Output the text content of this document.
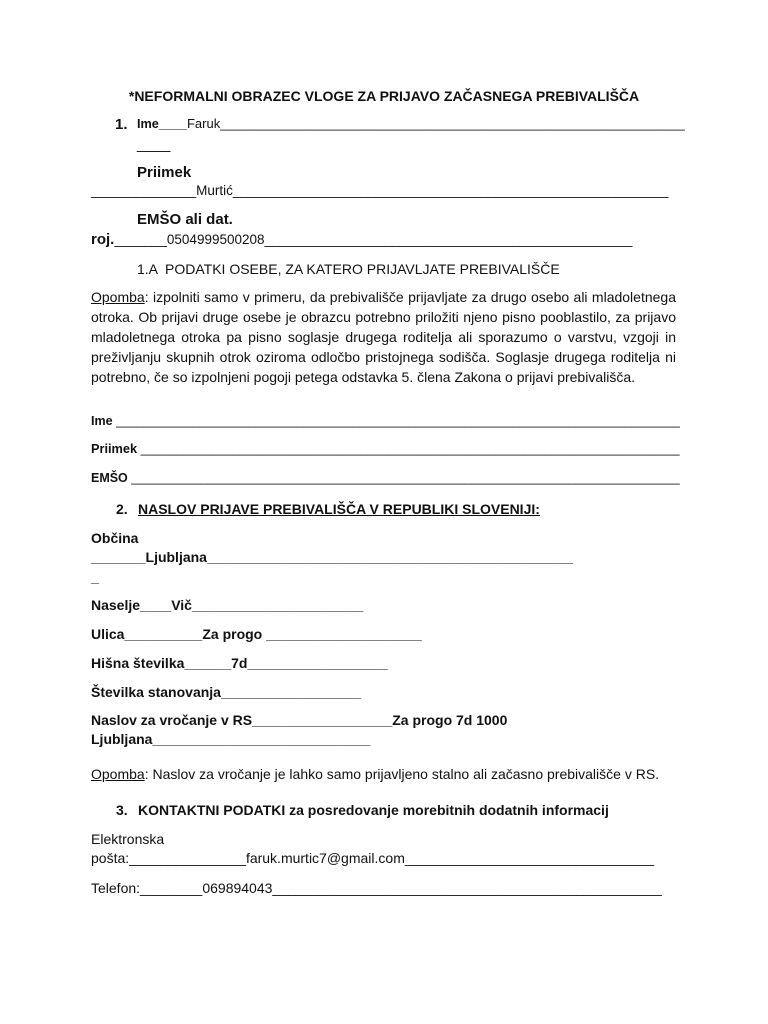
*NEFORMALNI OBRAZEC VLOGE ZA PRIJAVO ZAČASNEGA PREBIVALIŠČA
1. Ime____Faruk__________________________________________________________________
____
Priimek
______________Murtić__________________________________________________________
EMŠO ali dat.
roj._______0504999500208_________________________________________________
1.A  PODATKI OSEBE, ZA KATERO PRIJAVLJATE PREBIVALIŠČE
Opomba: izpolniti samo v primeru, da prebivališče prijavljate za drugo osebo ali mladoletnega otroka. Ob prijavi druge osebe je obrazcu potrebno priložiti njeno pisno pooblastilo, za prijavo mladoletnega otroka pa pisno soglasje drugega roditelja ali sporazumo o varstvu, vzgoji in preživljanju skupnih otrok oziroma odločbo pristojnega sodišča. Soglasje drugega roditelja ni potrebno, če so izpolnjeni pogoji petega odstavka 5. člena Zakona o prijavi prebivališča.
Ime _________________________________________________________________________________
Priimek ____________________________________________________________________________
EMŠO _______________________________________________________________________________
2. NASLOV PRIJAVE PREBIVALIŠČA V REPUBLIKI SLOVENIJI:
Občina
_______Ljubljana_______________________________________________
_
Naselje____Vič______________________
Ulica__________Za progo ____________________
Hišna številka______7d__________________
Številka stanovanja__________________
Naslov za vročanje v RS__________________Za progo 7d 1000
Ljubljana____________________________
Opomba: Naslov za vročanje je lahko samo prijavljeno stalno ali začasno prebivališče v RS.
3. KONTAKTNI PODATKI za posredovanje morebitnih dodatnih informacij
Elektronska
pošta:_______________faruk.murtic7@gmail.com________________________________
Telefon:________069894043__________________________________________________
